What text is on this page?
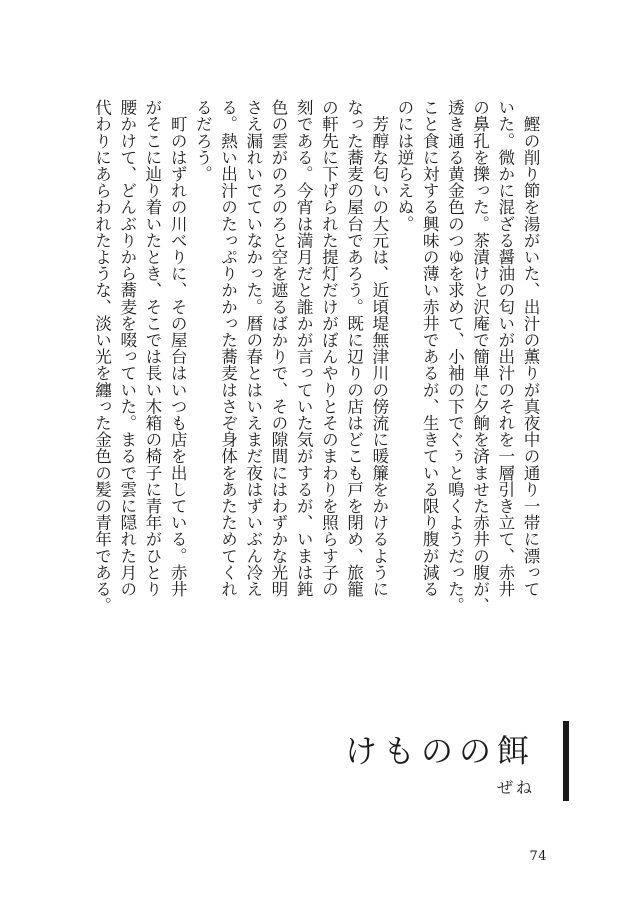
　鰹の削り節を湯がいた、出汁の薫りが真夜中の通り一帯に漂って
いた。微かに混ざる醤油の匂いが出汁のそれを一層引き立て、赤井
の鼻孔を擽った。茶漬けと沢庵で簡単に夕餉を済ませた赤井の腹が、
透き通る黄金色のつゆを求めて、小袖の下でぐぅと鳴くようだった。
こと食に対する興味の薄い赤井であるが、生きている限り腹が減る
のには逆らえぬ。
　芳醇な匂いの大元は、近頃堤無津川の傍流に暖簾をかけるように
なった蕎麦の屋台であろう。既に辺りの店はどこも戸を閉め、旅籠
の軒先に下げられた提灯だけがぼんやりとそのまわりを照らす子の
刻である。今宵は満月だと誰かが言っていた気がするが、いまは鈍
色の雲がのろのろと空を遮るばかりで、その隙間にはわずかな光明
さえ漏れいでていなかった。暦の春とはいえまだ夜はずいぶん冷え
る。熱い出汁のたっぷりかかった蕎麦はさぞ身体をあたためてくれ
るだろう。
　町のはずれの川べりに、その屋台はいつも店を出している。赤井
がそこに辿り着いたとき、そこでは長い木箱の椅子に青年がひとり
腰かけて、どんぶりから蕎麦を啜っていた。まるで雲に隠れた月の
代わりにあらわれたような、淡い光を纏った金色の髪の青年である。
けものの餌
ぜね
74
